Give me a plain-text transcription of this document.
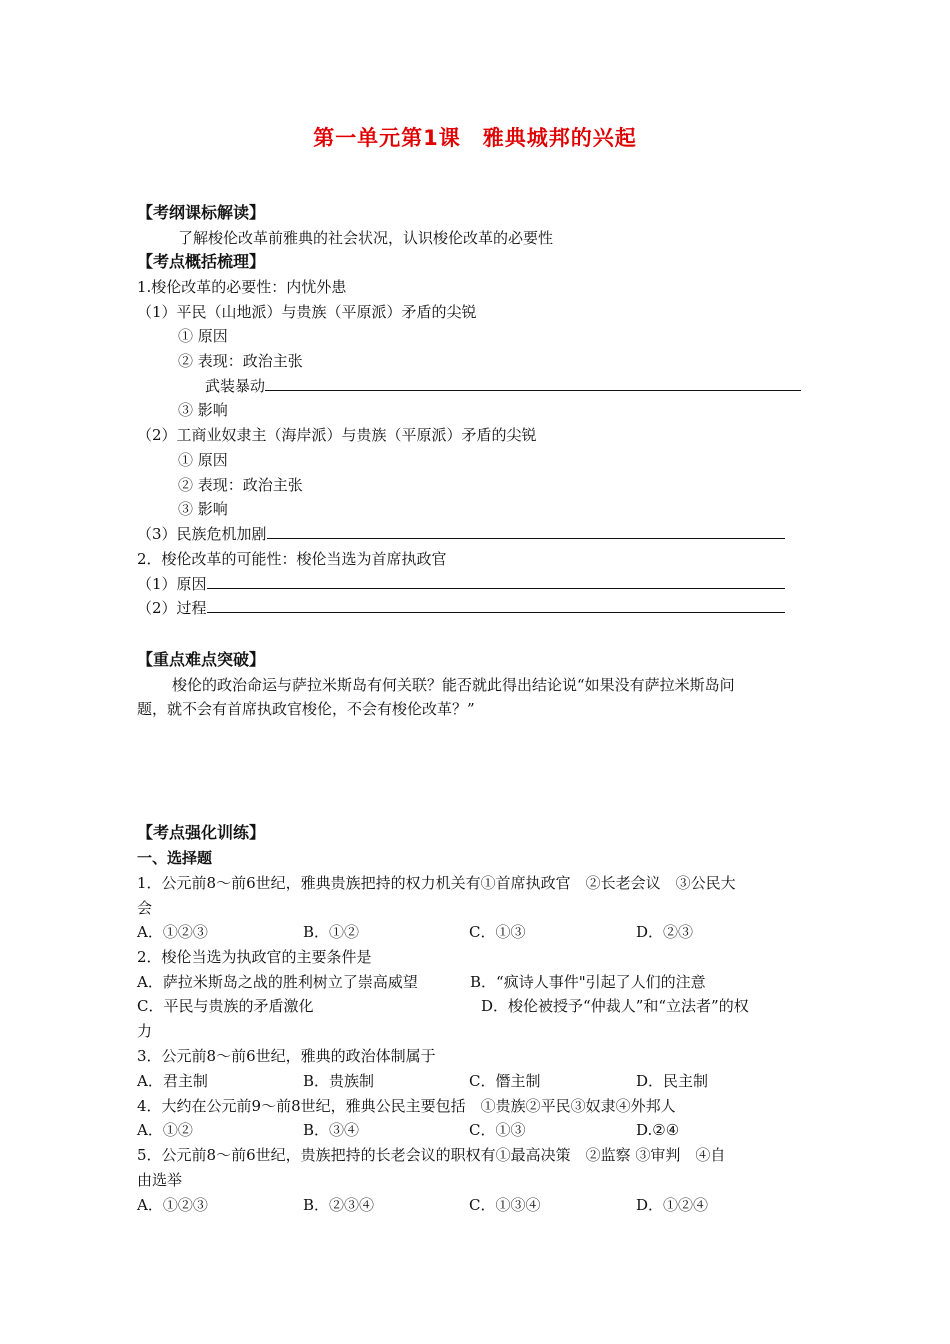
第一单元第1课　雅典城邦的兴起
【考纲课标解读】
了解梭伦改革前雅典的社会状况，认识梭伦改革的必要性
【考点概括梳理】
1.梭伦改革的必要性：内忧外患
（1）平民（山地派）与贵族（平原派）矛盾的尖锐
① 原因
② 表现：政治主张
武装暴动
③ 影响
（2）工商业奴隶主（海岸派）与贵族（平原派）矛盾的尖锐
① 原因
② 表现：政治主张
③ 影响
（3）民族危机加剧
2．梭伦改革的可能性：梭伦当选为首席执政官
（1）原因
（2）过程
【重点难点突破】
梭伦的政治命运与萨拉米斯岛有何关联？能否就此得出结论说“如果没有萨拉米斯岛问
题，就不会有首席执政官梭伦，不会有梭伦改革？”
【考点强化训练】
一、选择题
1．公元前8～前6世纪，雅典贵族把持的权力机关有①首席执政官　②长老会议　③公民大
会
A．①②③	B．①②	C．①③	D．②③
2．梭伦当选为执政官的主要条件是
A．萨拉米斯岛之战的胜利树立了崇高威望	B．“疯诗人事件"引起了人们的注意
C．平民与贵族的矛盾激化	D．梭伦被授予“仲裁人”和“立法者”的权
力
3．公元前8～前6世纪，雅典的政治体制属于
A．君主制	B．贵族制	C．僭主制	D．民主制
4．大约在公元前9～前8世纪，雅典公民主要包括　①贵族②平民③奴隶④外邦人
A．①②	B．③④	C．①③	D.②④
5．公元前8～前6世纪，贵族把持的长老会议的职权有①最高决策　②监察 ③审判　④自
由选举
A．①②③	B．②③④	C．①③④	D．①②④
